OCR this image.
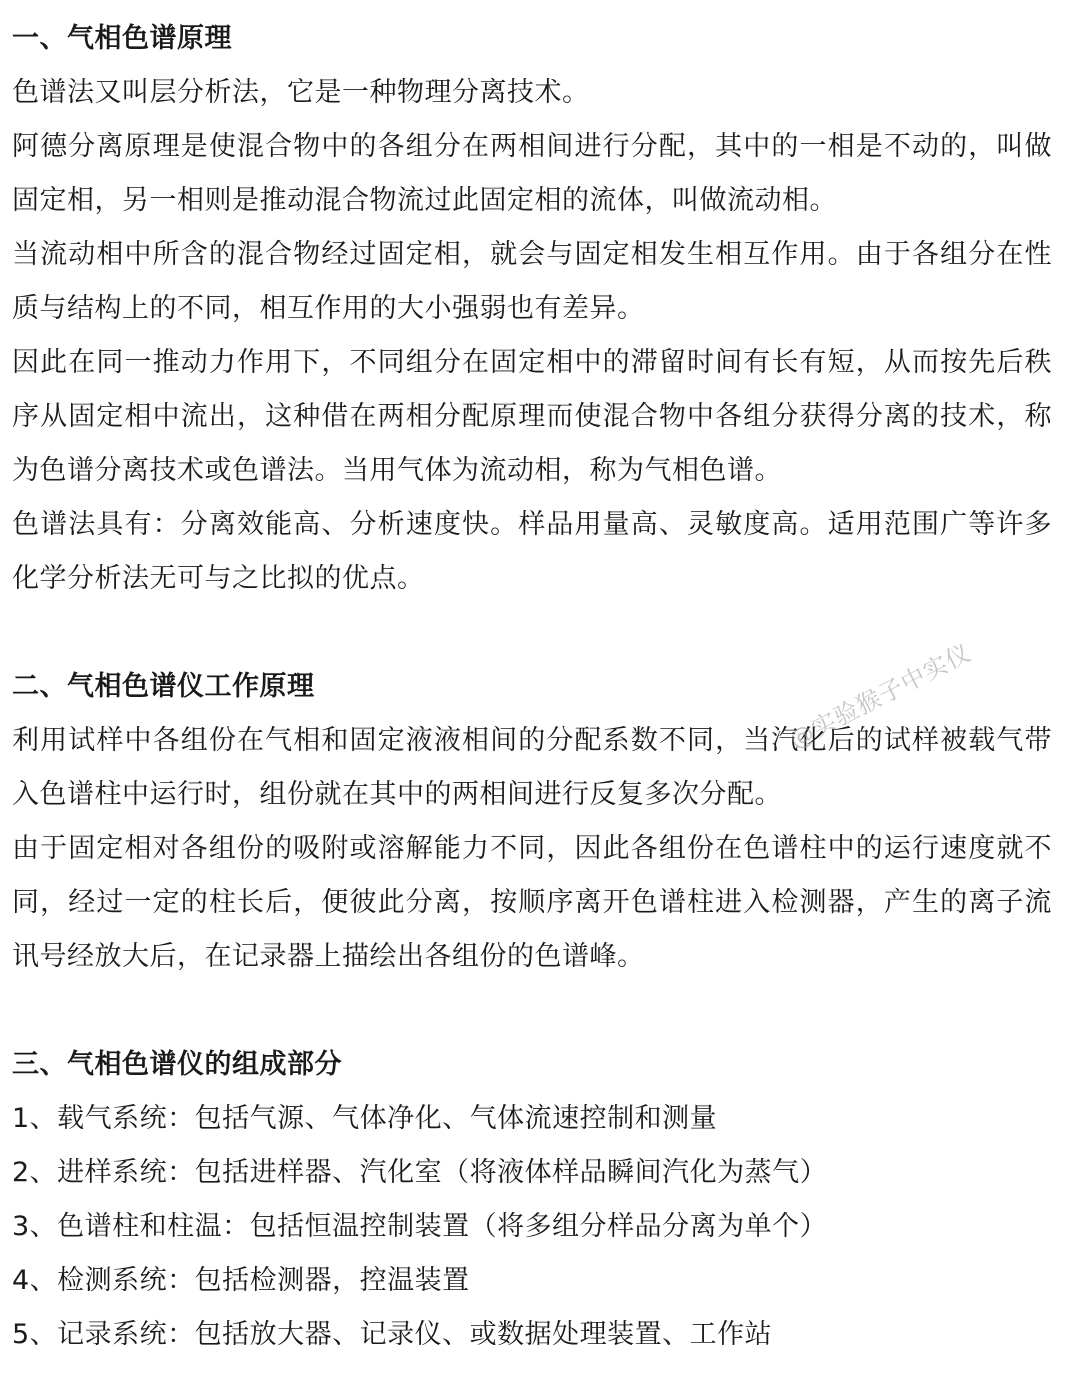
一、气相色谱原理

色谱法又叫层分析法，它是一种物理分离技术。

阿德分离原理是使混合物中的各组分在两相间进行分配，其中的一相是不动的，叫做固定相，另一相则是推动混合物流过此固定相的流体，叫做流动相。

当流动相中所含的混合物经过固定相，就会与固定相发生相互作用。由于各组分在性质与结构上的不同，相互作用的大小强弱也有差异。

因此在同一推动力作用下，不同组分在固定相中的滞留时间有长有短，从而按先后秩序从固定相中流出，这种借在两相分配原理而使混合物中各组分获得分离的技术，称为色谱分离技术或色谱法。当用气体为流动相，称为气相色谱。

色谱法具有：分离效能高、分析速度快。样品用量高、灵敏度高。适用范围广等许多化学分析法无可与之比拟的优点。

二、气相色谱仪工作原理

利用试样中各组份在气相和固定液液相间的分配系数不同，当汽化后的试样被载气带入色谱柱中运行时，组份就在其中的两相间进行反复多次分配。

由于固定相对各组份的吸附或溶解能力不同，因此各组份在色谱柱中的运行速度就不同，经过一定的柱长后，便彼此分离，按顺序离开色谱柱进入检测器，产生的离子流讯号经放大后，在记录器上描绘出各组份的色谱峰。

三、气相色谱仪的组成部分

1、载气系统：包括气源、气体净化、气体流速控制和测量

2、进样系统：包括进样器、汽化室（将液体样品瞬间汽化为蒸气）

3、色谱柱和柱温：包括恒温控制装置（将多组分样品分离为单个）

4、检测系统：包括检测器，控温装置

5、记录系统：包括放大器、记录仪、或数据处理装置、工作站

@实验猴子中实仪
